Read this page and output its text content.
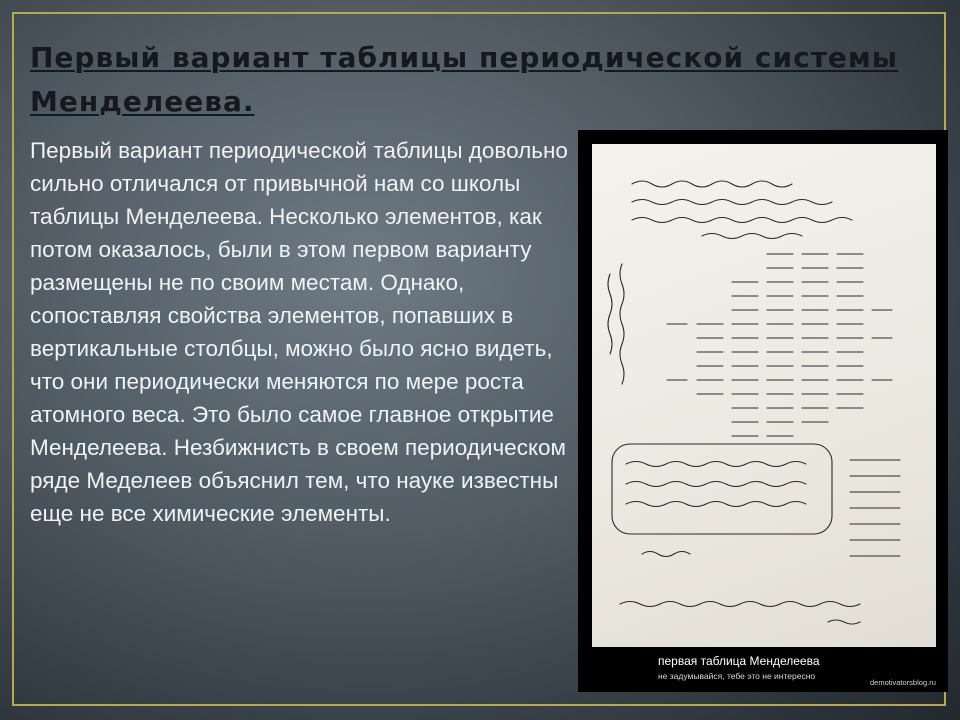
Первый вариант таблицы периодической системы Менделеева.

Первый вариант периодической таблицы довольно сильно отличался от привычной нам со школы таблицы Менделеева. Несколько элементов, как потом оказалось, были в этом первом варианту размещены не по своим местам. Однако, сопоставляя свойства элементов, попавших в вертикальные столбцы, можно было ясно видеть, что они периодически меняются по мере роста атомного веса. Это было самое главное открытие Менделеева. Незбижнисть в своем периодическом ряде Меделеев объяснил тем, что науке известны еще не все химические элементы.

первая таблица Менделеева
не задумывайся, тебе это не интересно
demotivatorsblog.ru
